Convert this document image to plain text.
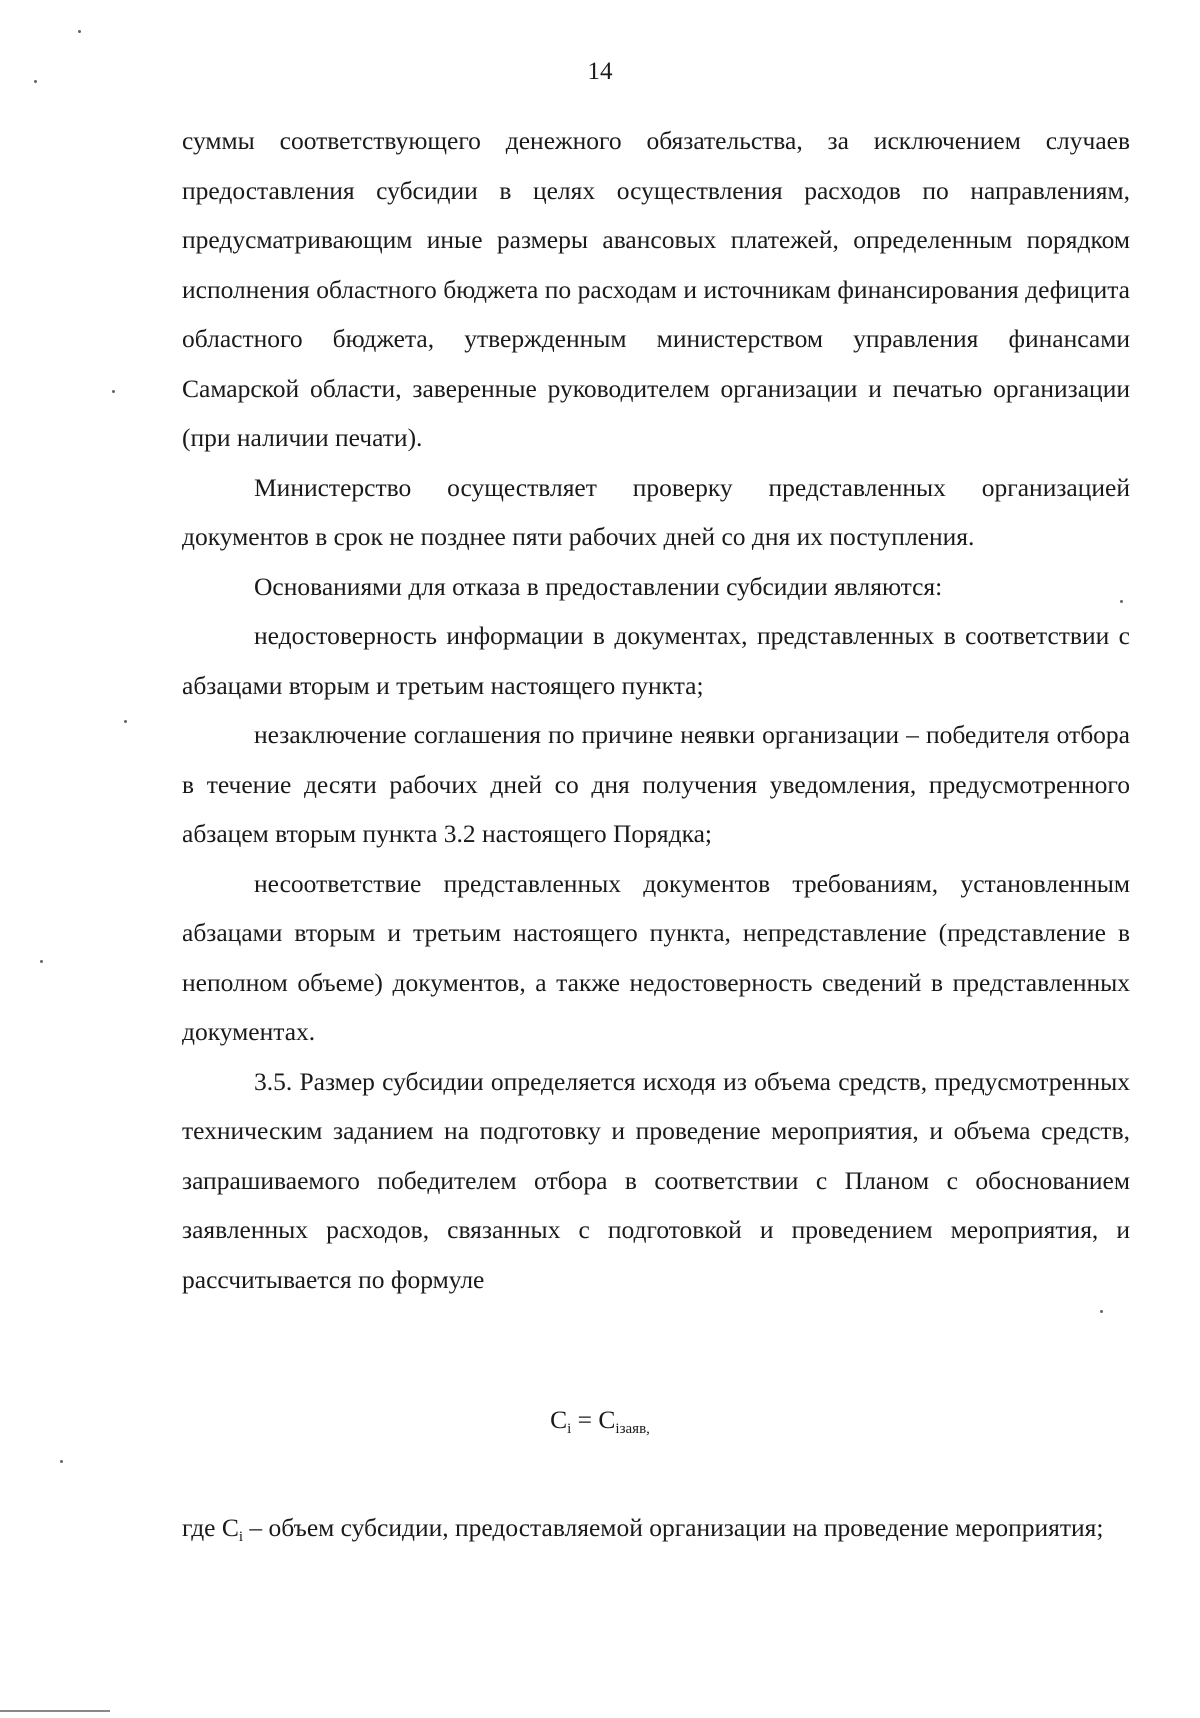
14

суммы соответствующего денежного обязательства, за исключением случаев предоставления субсидии в целях осуществления расходов по направлениям, предусматривающим иные размеры авансовых платежей, определенным порядком исполнения областного бюджета по расходам и источникам финансирования дефицита областного бюджета, утвержденным министерством управления финансами Самарской области, заверенные руководителем организации и печатью организации (при наличии печати).

Министерство осуществляет проверку представленных организацией документов в срок не позднее пяти рабочих дней со дня их поступления.

Основаниями для отказа в предоставлении субсидии являются:

недостоверность информации в документах, представленных в соответствии с абзацами вторым и третьим настоящего пункта;

незаключение соглашения по причине неявки организации – победителя отбора в течение десяти рабочих дней со дня получения уведомления, предусмотренного абзацем вторым пункта 3.2 настоящего Порядка;

несоответствие представленных документов требованиям, установленным абзацами вторым и третьим настоящего пункта, непредставление (представление в неполном объеме) документов, а также недостоверность сведений в представленных документах.

3.5. Размер субсидии определяется исходя из объема средств, предусмотренных техническим заданием на подготовку и проведение мероприятия, и объема средств, запрашиваемого победителем отбора в соответствии с Планом с обоснованием заявленных расходов, связанных с подготовкой и проведением мероприятия, и рассчитывается по формуле

$C_i = C_{iзаяв,}$
где $C_i$ – объем субсидии, предоставляемой организации на проведение мероприятия;
